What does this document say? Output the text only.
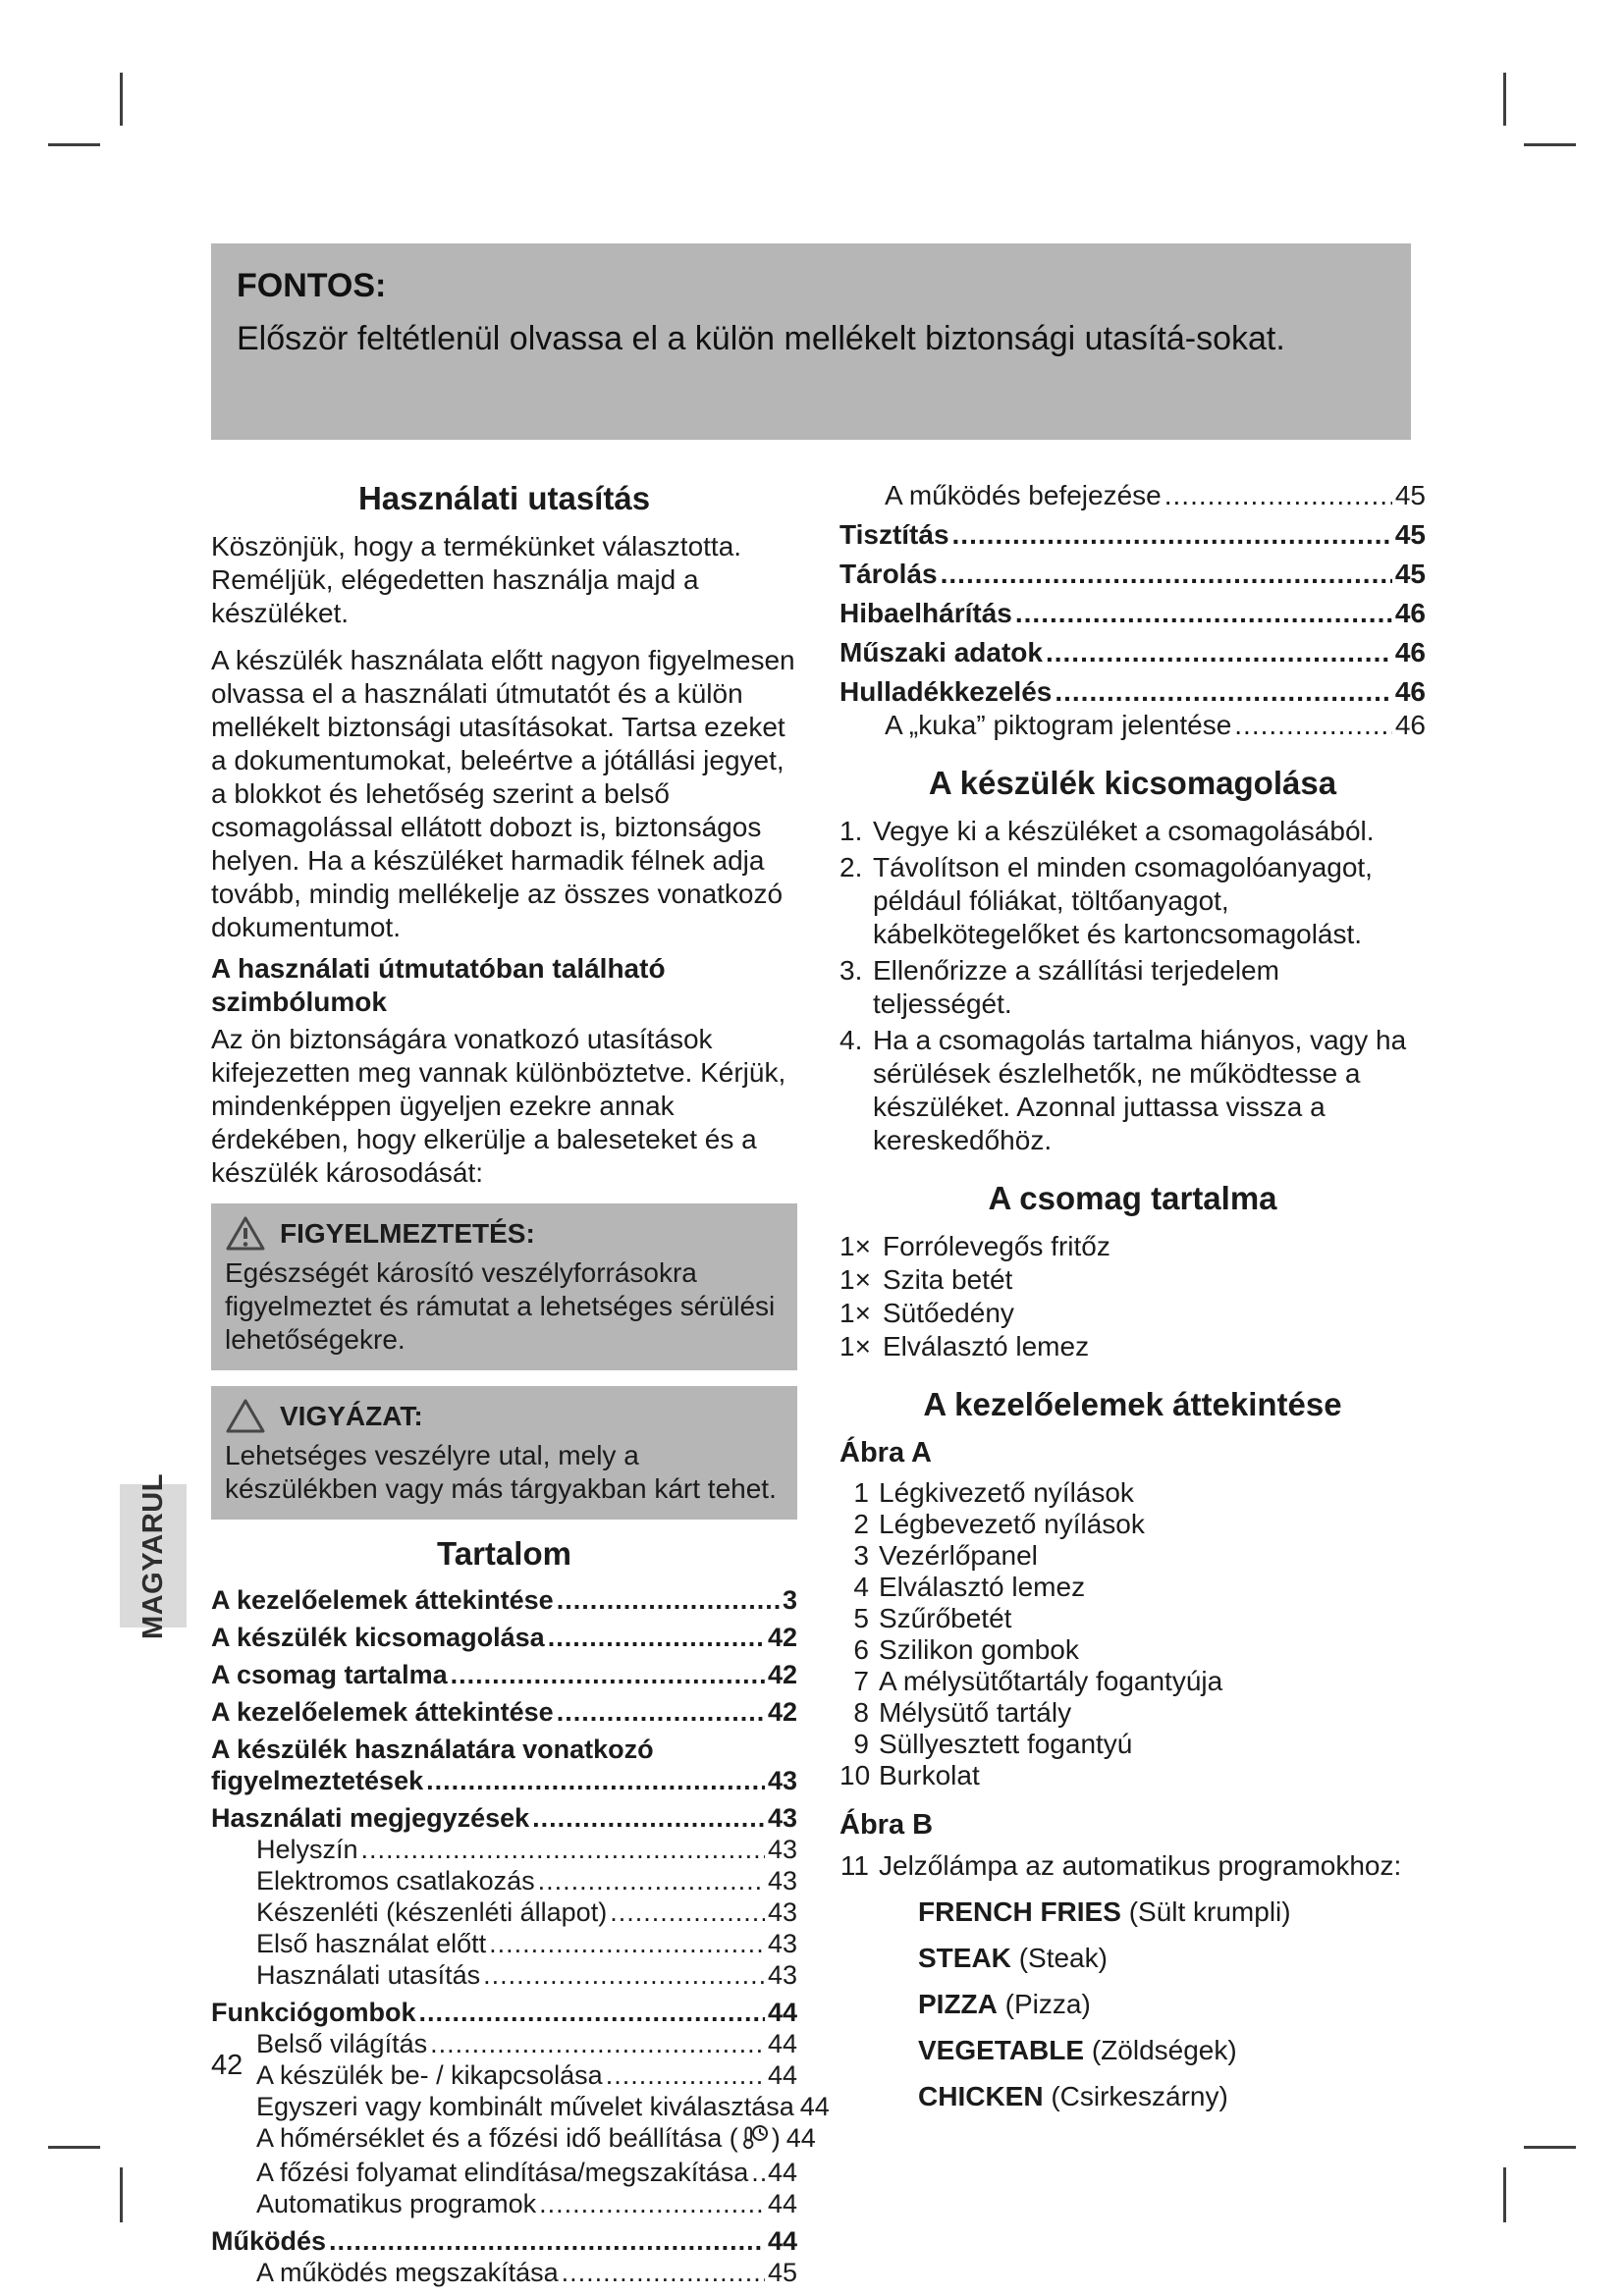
FONTOS:
Először feltétlenül olvassa el a külön mellékelt biztonsági utasítá-sokat.
Használati utasítás

Köszönjük, hogy a termékünket választotta. Reméljük, elégedetten használja majd a készüléket.

A készülék használata előtt nagyon figyelmesen olvassa el a használati útmutatót és a külön mellékelt biztonsági utasításokat. Tartsa ezeket a dokumentumokat, beleértve a jótállási jegyet, a blokkot és lehetőség szerint a belső csomagolással ellátott dobozt is, biztonságos helyen. Ha a készüléket harmadik félnek adja tovább, mindig mellékelje az összes vonatkozó dokumentumot.

A használati útmutatóban található szimbólumok

Az ön biztonságára vonatkozó utasítások kifejezetten meg vannak különböztetve. Kérjük, mindenképpen ügyeljen ezekre annak érdekében, hogy elkerülje a baleseteket és a készülék károsodását:

FIGYELMEZTETÉS:
Egészségét károsító veszélyforrásokra figyelmeztet és rámutat a lehetséges sérülési lehetőségekre.
VIGYÁZAT:
Lehetséges veszélyre utal, mely a készülékben vagy más tárgyakban kárt tehet.
Tartalom
A kezelőelemek áttekintése .....	3
A készülék kicsomagolása .....	42
A csomag tartalma .....	42
A kezelőelemek áttekintése .....	42
A készülék használatára vonatkozó
figyelmeztetések .....	43
Használati megjegyzések .....	43
Helyszín .....	43
Elektromos csatlakozás .....	43
Készenléti (készenléti állapot) .....	43
Első használat előtt .....	43
Használati utasítás .....	43
Funkciógombok .....	44
Belső világítás .....	44
A készülék be- / kikapcsolása .....	44
Egyszeri vagy kombinált művelet kiválasztása 44
A hőmérséklet és a főzési idő beállítása ( ) 44
A főzési folyamat elindítása/megszakítása ..... 44
Automatikus programok .....	44
Működés .....	44
A működés megszakítása .....	45
A működés befejezése .....	45
Tisztítás .....	45
Tárolás .....	45
Hibaelhárítás .....	46
Műszaki adatok .....	46
Hulladékkezelés .....	46
A „kuka” piktogram jelentése .....	46
A készülék kicsomagolása
1. Vegye ki a készüléket a csomagolásából.
2. Távolítson el minden csomagolóanyagot, például fóliákat, töltőanyagot, kábelkötegelőket és kartoncsomagolást.
3. Ellenőrizze a szállítási terjedelem teljességét.
4. Ha a csomagolás tartalma hiányos, vagy ha sérülések észlelhetők, ne működtesse a készüléket. Azonnal juttassa vissza a kereskedőhöz.
A csomag tartalma
1× Forrólevegős fritőz
1× Szita betét
1× Sütőedény
1× Elválasztó lemez
A kezelőelemek áttekintése
Ábra A
1 Légkivezető nyílások
2 Légbevezető nyílások
3 Vezérlőpanel
4 Elválasztó lemez
5 Szűrőbetét
6 Szilikon gombok
7 A mélysütőtartály fogantyúja
8 Mélysütő tartály
9 Süllyesztett fogantyú
10 Burkolat
Ábra B
11 Jelzőlámpa az automatikus programokhoz:
FRENCH FRIES (Sült krumpli)
STEAK (Steak)
PIZZA (Pizza)
VEGETABLE (Zöldségek)
CHICKEN (Csirkeszárny)
MAGYARUL
42
